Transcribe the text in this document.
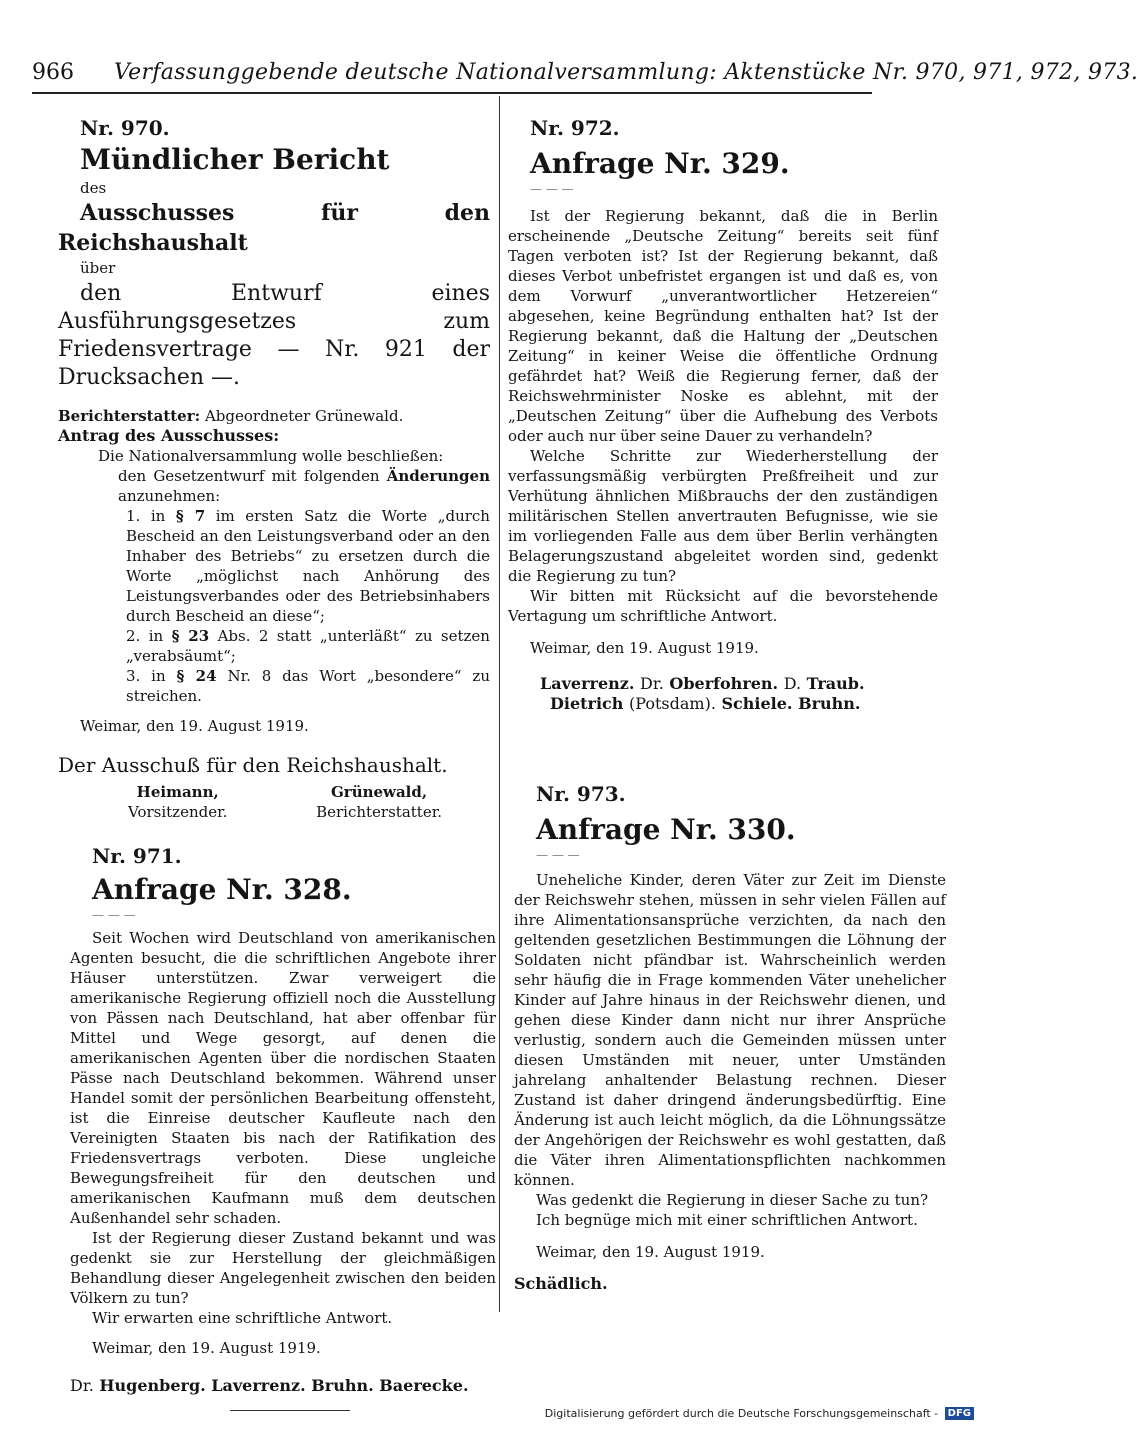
966 Verfassunggebende deutsche Nationalversammlung: Aktenstücke Nr. 970, 971, 972, 973.

Nr. 970.

Mündlicher Bericht

des

Ausschusses für den Reichshaushalt

über

den Entwurf eines Ausführungsgesetzes zum Friedensvertrage — Nr. 921 der Drucksachen —.

Berichterstatter: Abgeordneter Grünewald.

Antrag des Ausschusses:

Die Nationalversammlung wolle beschließen:

den Gesetzentwurf mit folgenden Änderungen anzunehmen:

1. in § 7 im ersten Satz die Worte „durch Bescheid an den Leistungsverband oder an den Inhaber des Betriebs“ zu ersetzen durch die Worte „möglichst nach Anhörung des Leistungsverbandes oder des Betriebsinhabers durch Bescheid an diese“;
2. in § 23 Abs. 2 statt „unterläßt“ zu setzen „verabsäumt“;
3. in § 24 Nr. 8 das Wort „besondere“ zu streichen.

Weimar, den 19. August 1919.

Der Ausschuß für den Reichshaushalt.

Heimann,
Vorsitzender.
Grünewald,
Berichterstatter.

Nr. 971.

Anfrage Nr. 328.

— — —

Seit Wochen wird Deutschland von amerikanischen Agenten besucht, die die schriftlichen Angebote ihrer Häuser unterstützen. Zwar verweigert die amerikanische Regierung offiziell noch die Ausstellung von Pässen nach Deutschland, hat aber offenbar für Mittel und Wege gesorgt, auf denen die amerikanischen Agenten über die nordischen Staaten Pässe nach Deutschland bekommen. Während unser Handel somit der persönlichen Bearbeitung offensteht, ist die Einreise deutscher Kaufleute nach den Vereinigten Staaten bis nach der Ratifikation des Friedensvertrags verboten. Diese ungleiche Bewegungsfreiheit für den deutschen und amerikanischen Kaufmann muß dem deutschen Außenhandel sehr schaden.

Ist der Regierung dieser Zustand bekannt und was gedenkt sie zur Herstellung der gleichmäßigen Behandlung dieser Angelegenheit zwischen den beiden Völkern zu tun?

Wir erwarten eine schriftliche Antwort.

Weimar, den 19. August 1919.

Dr. Hugenberg. Laverrenz. Bruhn. Baerecke.

Nr. 972.

Anfrage Nr. 329.

— — —

Ist der Regierung bekannt, daß die in Berlin erscheinende „Deutsche Zeitung“ bereits seit fünf Tagen verboten ist? Ist der Regierung bekannt, daß dieses Verbot unbefristet ergangen ist und daß es, von dem Vorwurf „unverantwortlicher Hetzereien“ abgesehen, keine Begründung enthalten hat? Ist der Regierung bekannt, daß die Haltung der „Deutschen Zeitung“ in keiner Weise die öffentliche Ordnung gefährdet hat? Weiß die Regierung ferner, daß der Reichswehrminister Noske es ablehnt, mit der „Deutschen Zeitung“ über die Aufhebung des Verbots oder auch nur über seine Dauer zu verhandeln?

Welche Schritte zur Wiederherstellung der verfassungsmäßig verbürgten Preßfreiheit und zur Verhütung ähnlichen Mißbrauchs der den zuständigen militärischen Stellen anvertrauten Befugnisse, wie sie im vorliegenden Falle aus dem über Berlin verhängten Belagerungszustand abgeleitet worden sind, gedenkt die Regierung zu tun?

Wir bitten mit Rücksicht auf die bevorstehende Vertagung um schriftliche Antwort.

Weimar, den 19. August 1919.

Laverrenz. Dr. Oberfohren. D. Traub.

Dietrich (Potsdam). Schiele. Bruhn.

Nr. 973.

Anfrage Nr. 330.

— — —

Uneheliche Kinder, deren Väter zur Zeit im Dienste der Reichswehr stehen, müssen in sehr vielen Fällen auf ihre Alimentationsansprüche verzichten, da nach den geltenden gesetzlichen Bestimmungen die Löhnung der Soldaten nicht pfändbar ist. Wahrscheinlich werden sehr häufig die in Frage kommenden Väter unehelicher Kinder auf Jahre hinaus in der Reichswehr dienen, und gehen diese Kinder dann nicht nur ihrer Ansprüche verlustig, sondern auch die Gemeinden müssen unter diesen Umständen mit neuer, unter Umständen jahrelang anhaltender Belastung rechnen. Dieser Zustand ist daher dringend änderungsbedürftig. Eine Änderung ist auch leicht möglich, da die Löhnungssätze der Angehörigen der Reichswehr es wohl gestatten, daß die Väter ihren Alimentationspflichten nachkommen können.

Was gedenkt die Regierung in dieser Sache zu tun?

Ich begnüge mich mit einer schriftlichen Antwort.

Weimar, den 19. August 1919.

Schädlich.

Digitalisierung gefördert durch die Deutsche Forschungsgemeinschaft - DFG
